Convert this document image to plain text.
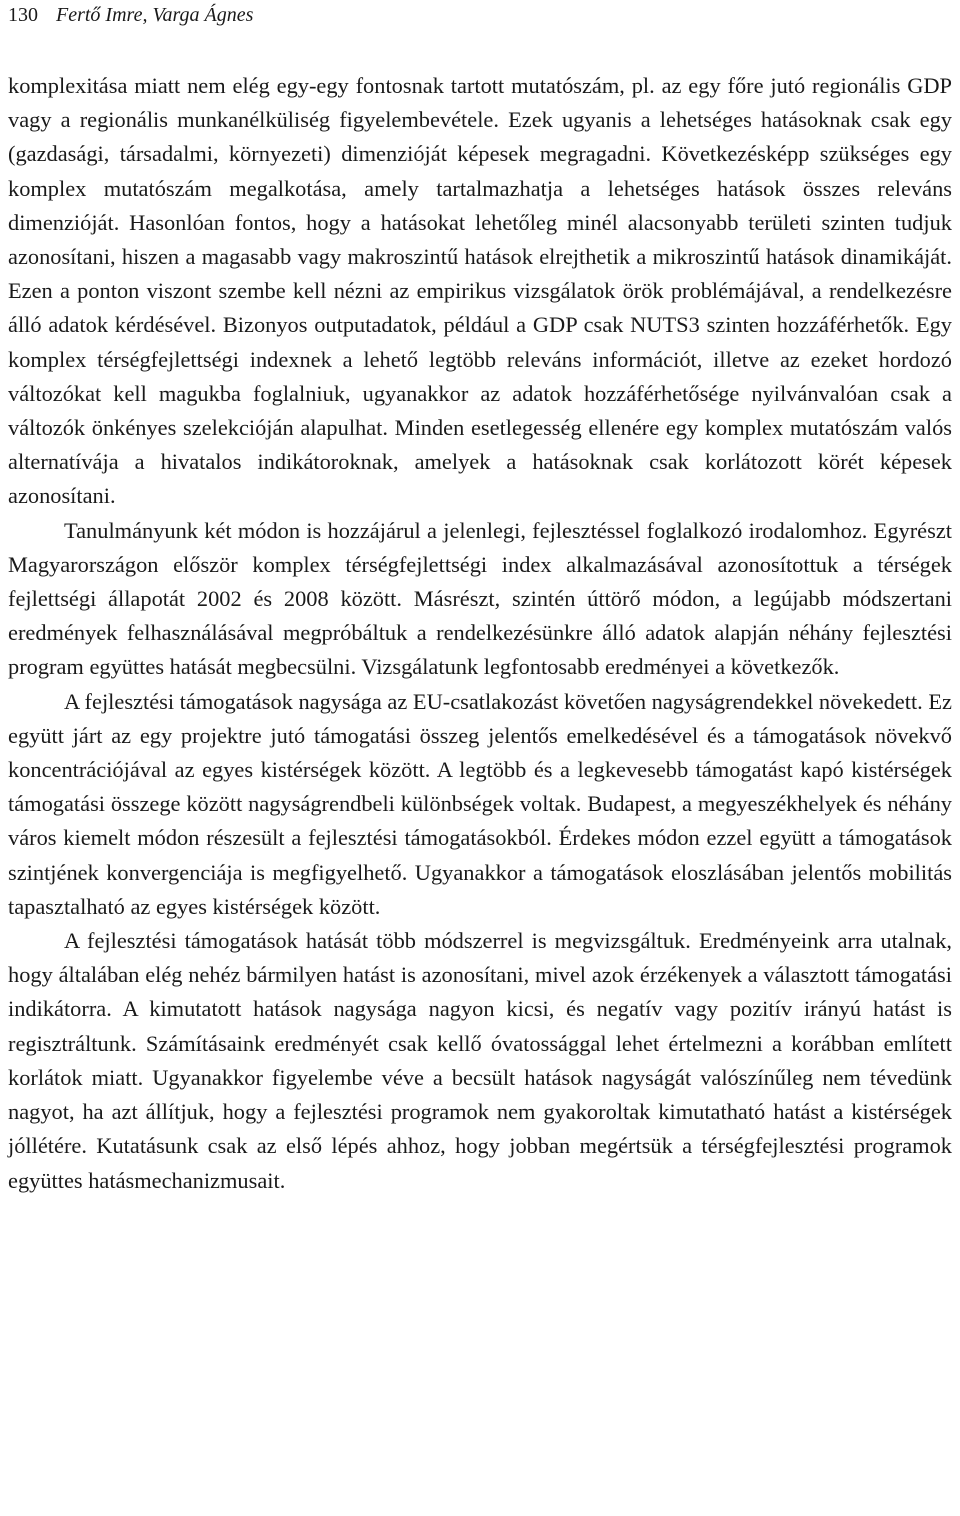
130 Fertő Imre, Varga Ágnes

komplexitása miatt nem elég egy-egy fontosnak tartott mutatószám, pl. az egy főre jutó regionális GDP vagy a regionális munkanélküliség figyelembevétele. Ezek ugyanis a lehetséges hatásoknak csak egy (gazdasági, társadalmi, környezeti) dimenzióját képesek megragadni. Következésképp szükséges egy komplex mutatószám megalkotása, amely tartalmazhatja a lehetséges hatások összes releváns dimenzióját. Hasonlóan fontos, hogy a hatásokat lehetőleg minél alacsonyabb területi szinten tudjuk azonosítani, hiszen a magasabb vagy makroszintű hatások elrejthetik a mikroszintű hatások dinamikáját. Ezen a ponton viszont szembe kell nézni az empirikus vizsgálatok örök problémájával, a rendelkezésre álló adatok kérdésével. Bizonyos outputadatok, például a GDP csak NUTS3 szinten hozzáférhetők. Egy komplex térségfejlettségi indexnek a lehető legtöbb releváns információt, illetve az ezeket hordozó változókat kell magukba foglalniuk, ugyanakkor az adatok hozzáférhetősége nyilvánvalóan csak a változók önkényes szelekcióján alapulhat. Minden esetlegesség ellenére egy komplex mutatószám valós alternatívája a hivatalos indikátoroknak, amelyek a hatásoknak csak korlátozott körét képesek azonosítani.

Tanulmányunk két módon is hozzájárul a jelenlegi, fejlesztéssel foglalkozó irodalomhoz. Egyrészt Magyarországon először komplex térségfejlettségi index alkalmazásával azonosítottuk a térségek fejlettségi állapotát 2002 és 2008 között. Másrészt, szintén úttörő módon, a legújabb módszertani eredmények felhasználásával megpróbáltuk a rendelkezésünkre álló adatok alapján néhány fejlesztési program együttes hatását megbecsülni. Vizsgálatunk legfontosabb eredményei a következők.

A fejlesztési támogatások nagysága az EU-csatlakozást követően nagyságrendekkel növekedett. Ez együtt járt az egy projektre jutó támogatási összeg jelentős emelkedésével és a támogatások növekvő koncentrációjával az egyes kistérségek között. A legtöbb és a legkevesebb támogatást kapó kistérségek támogatási összege között nagyságrendbeli különbségek voltak. Budapest, a megyeszékhelyek és néhány város kiemelt módon részesült a fejlesztési támogatásokból. Érdekes módon ezzel együtt a támogatások szintjének konvergenciája is megfigyelhető. Ugyanakkor a támogatások eloszlásában jelentős mobilitás tapasztalható az egyes kistérségek között.

A fejlesztési támogatások hatását több módszerrel is megvizsgáltuk. Eredményeink arra utalnak, hogy általában elég nehéz bármilyen hatást is azonosítani, mivel azok érzékenyek a választott támogatási indikátorra. A kimutatott hatások nagysága nagyon kicsi, és negatív vagy pozitív irányú hatást is regisztráltunk. Számításaink eredményét csak kellő óvatossággal lehet értelmezni a korábban említett korlátok miatt. Ugyanakkor figyelembe véve a becsült hatások nagyságát valószínűleg nem tévedünk nagyot, ha azt állítjuk, hogy a fejlesztési programok nem gyakoroltak kimutatható hatást a kistérségek jóllétére. Kutatásunk csak az első lépés ahhoz, hogy jobban megértsük a térségfejlesztési programok együttes hatásmechanizmusait.
